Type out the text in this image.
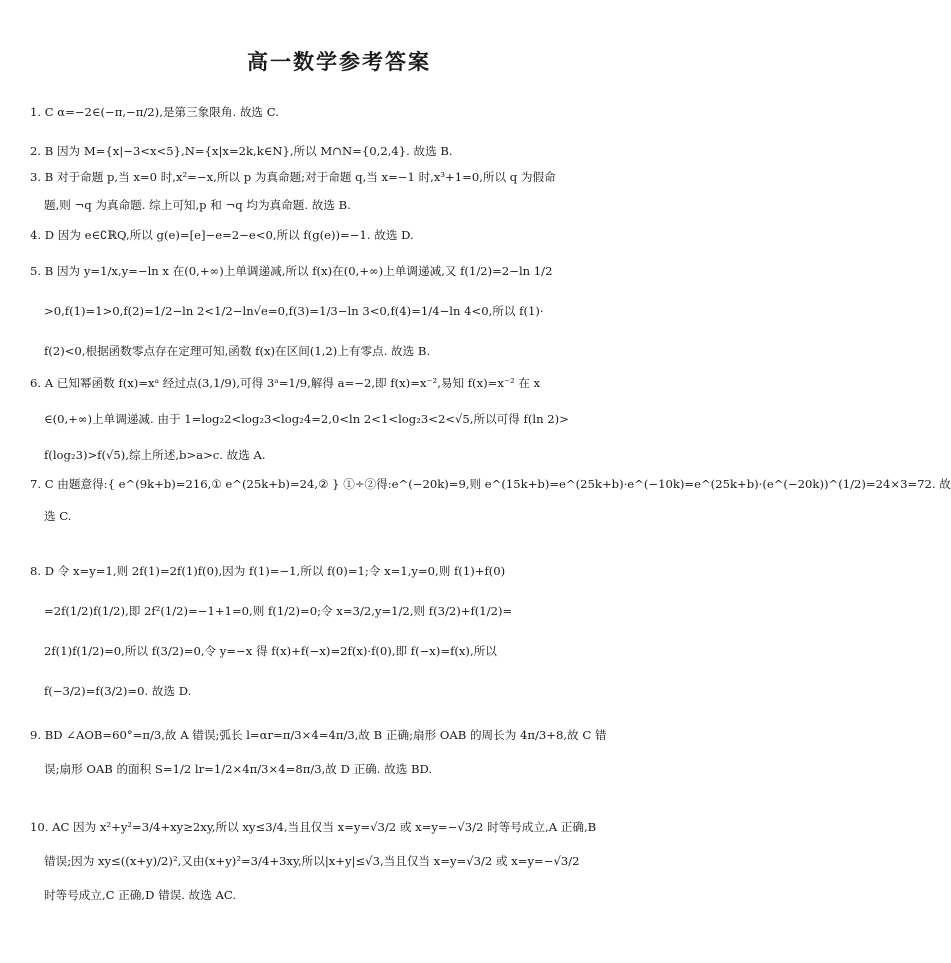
高一数学参考答案
1. C α=−2∈(−π,−π/2),是第三象限角. 故选 C.
2. B 因为 M={x|−3<x<5},N={x|x=2k,k∈N},所以 M∩N={0,2,4}. 故选 B.
3. B 对于命题 p,当 x=0 时,x²=−x,所以 p 为真命题;对于命题 q,当 x=−1 时,x³+1=0,所以 q 为假命
题,则 ¬q 为真命题. 综上可知,p 和 ¬q 均为真命题. 故选 B.
4. D 因为 e∈∁ℝQ,所以 g(e)=[e]−e=2−e<0,所以 f(g(e))=−1. 故选 D.
5. B 因为 y=1/x,y=−ln x 在(0,+∞)上单调递减,所以 f(x)在(0,+∞)上单调递减,又 f(1/2)=2−ln 1/2
>0,f(1)=1>0,f(2)=1/2−ln 2<1/2−ln√e=0,f(3)=1/3−ln 3<0,f(4)=1/4−ln 4<0,所以 f(1)·
f(2)<0,根据函数零点存在定理可知,函数 f(x)在区间(1,2)上有零点. 故选 B.
6. A 已知幂函数 f(x)=xᵃ 经过点(3,1/9),可得 3ᵃ=1/9,解得 a=−2,即 f(x)=x⁻²,易知 f(x)=x⁻² 在 x
∈(0,+∞)上单调递减. 由于 1=log₂2<log₂3<log₂4=2,0<ln 2<1<log₂3<2<√5,所以可得 f(ln 2)>
f(log₂3)>f(√5),综上所述,b>a>c. 故选 A.
7. C 由题意得:{ e^(9k+b)=216,① e^(25k+b)=24,② } ①÷②得:e^(−20k)=9,则 e^(15k+b)=e^(25k+b)·e^(−10k)=e^(25k+b)·(e^(−20k))^(1/2)=24×3=72. 故
选 C.
8. D 令 x=y=1,则 2f(1)=2f(1)f(0),因为 f(1)=−1,所以 f(0)=1;令 x=1,y=0,则 f(1)+f(0)
=2f(1/2)f(1/2),即 2f²(1/2)=−1+1=0,则 f(1/2)=0;令 x=3/2,y=1/2,则 f(3/2)+f(1/2)=
2f(1)f(1/2)=0,所以 f(3/2)=0,令 y=−x 得 f(x)+f(−x)=2f(x)·f(0),即 f(−x)=f(x),所以
f(−3/2)=f(3/2)=0. 故选 D.
9. BD ∠AOB=60°=π/3,故 A 错误;弧长 l=αr=π/3×4=4π/3,故 B 正确;扇形 OAB 的周长为 4π/3+8,故 C 错
误;扇形 OAB 的面积 S=1/2 lr=1/2×4π/3×4=8π/3,故 D 正确. 故选 BD.
10. AC 因为 x²+y²=3/4+xy≥2xy,所以 xy≤3/4,当且仅当 x=y=√3/2 或 x=y=−√3/2 时等号成立,A 正确,B
错误;因为 xy≤((x+y)/2)²,又由(x+y)²=3/4+3xy,所以|x+y|≤√3,当且仅当 x=y=√3/2 或 x=y=−√3/2
时等号成立,C 正确,D 错误. 故选 AC.
